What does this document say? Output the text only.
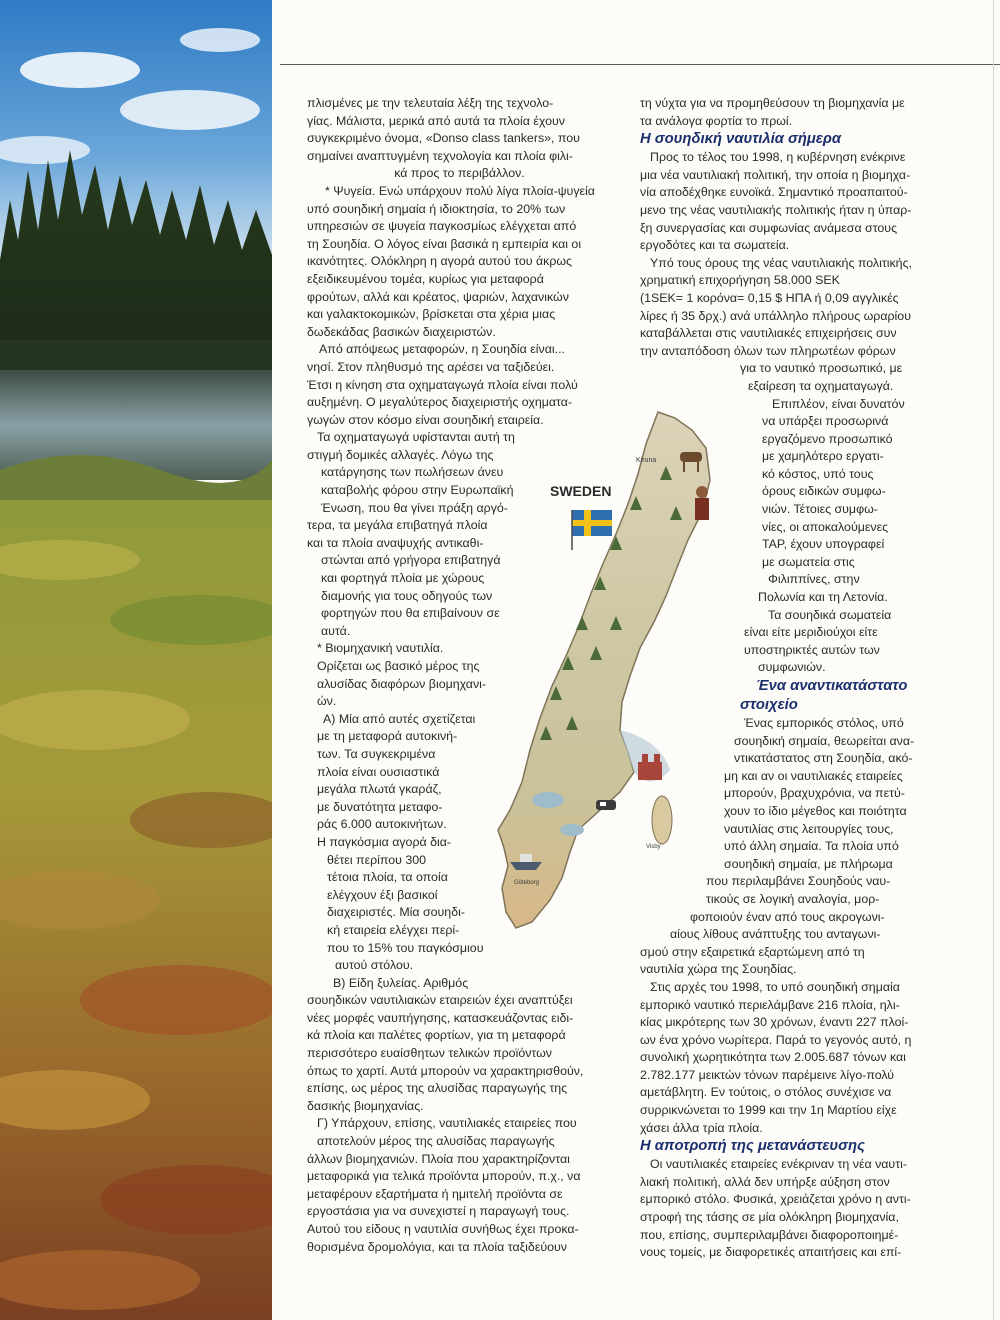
πλισμένες με την τελευταία λέξη της τεχνολο-

γίας. Μάλιστα, μερικά από αυτά τα πλοία έχουν

συγκεκριμένο όνομα, «Donso class tankers», που

σημαίνει αναπτυγμένη τεχνολογία και πλοία φιλι-

κά προς το περιβάλλον.

* Ψυγεία. Ενώ υπάρχουν πολύ λίγα πλοία-ψυγεία

υπό σουηδική σημαία ή ιδιοκτησία, το 20% των

υπηρεσιών σε ψυγεία παγκοσμίως ελέγχεται από

τη Σουηδία. Ο λόγος είναι βασικά η εμπειρία και οι

ικανότητες. Ολόκληρη η αγορά αυτού του άκρως

εξειδικευμένου τομέα, κυρίως για μεταφορά

φρούτων, αλλά και κρέατος, ψαριών, λαχανικών

και γαλακτοκομικών, βρίσκεται στα χέρια μιας

δωδεκάδας βασικών διαχειριστών.

Από απόψεως μεταφορών, η Σουηδία είναι...

νησί. Στον πληθυσμό της αρέσει να ταξιδεύει.

Έτσι η κίνηση στα οχηματαγωγά πλοία είναι πολύ

αυξημένη. Ο μεγαλύτερος διαχειριστής οχηματα-

γωγών στον κόσμο είναι σουηδική εταιρεία.

Τα οχηματαγωγά υφίστανται αυτή τη

στιγμή δομικές αλλαγές. Λόγω της

κατάργησης των πωλήσεων άνευ

καταβολής φόρου στην Ευρωπαϊκή

Ένωση, που θα γίνει πράξη αργό-

τερα, τα μεγάλα επιβατηγά πλοία

και τα πλοία αναψυχής αντικαθι-

στώνται από γρήγορα επιβατηγά

και φορτηγά πλοία με χώρους

διαμονής για τους οδηγούς των

φορτηγών που θα επιβαίνουν σε

αυτά.

* Βιομηχανική ναυτιλία.

Ορίζεται ως βασικό μέρος της

αλυσίδας διαφόρων βιομηχανι-

ών.

Α) Μία από αυτές σχετίζεται

με τη μεταφορά αυτοκινή-

των. Τα συγκεκριμένα

πλοία είναι ουσιαστικά

μεγάλα πλωτά γκαράζ,

με δυνατότητα μεταφο-

ράς 6.000 αυτοκινήτων.

Η παγκόσμια αγορά δια-

θέτει περίπου 300

τέτοια πλοία, τα οποία

ελέγχουν έξι βασικοί

διαχειριστές. Μία σουηδι-

κή εταιρεία ελέγχει περί-

που το 15% του παγκόσμιου

αυτού στόλου.

Β) Είδη ξυλείας. Αριθμός

σουηδικών ναυτιλιακών εταιρειών έχει αναπτύξει

νέες μορφές ναυπήγησης, κατασκευάζοντας ειδι-

κά πλοία και παλέτες φορτίων, για τη μεταφορά

περισσότερο ευαίσθητων τελικών προϊόντων

όπως το χαρτί. Αυτά μπορούν να χαρακτηρισθούν,

επίσης, ως μέρος της αλυσίδας παραγωγής της

δασικής βιομηχανίας.

Γ) Υπάρχουν, επίσης, ναυτιλιακές εταιρείες που

αποτελούν μέρος της αλυσίδας παραγωγής

άλλων βιομηχανιών. Πλοία που χαρακτηρίζονται

μεταφορικά για τελικά προϊόντα μπορούν, π.χ., να

μεταφέρουν εξαρτήματα ή ημιτελή προϊόντα σε

εργοστάσια για να συνεχιστεί η παραγωγή τους.

Αυτού του είδους η ναυτιλία συνήθως έχει προκα-

θορισμένα δρομολόγια, και τα πλοία ταξιδεύουν

τη νύχτα για να προμηθεύσουν τη βιομηχανία με

τα ανάλογα φορτία το πρωί.

Η σουηδική ναυτιλία σήμερα

Προς το τέλος του 1998, η κυβέρνηση ενέκρινε

μια νέα ναυτιλιακή πολιτική, την οποία η βιομηχα-

νία αποδέχθηκε ευνοϊκά. Σημαντικό προαπαιτού-

μενο της νέας ναυτιλιακής πολιτικής ήταν η ύπαρ-

ξη συνεργασίας και συμφωνίας ανάμεσα στους

εργοδότες και τα σωματεία.

Υπό τους όρους της νέας ναυτιλιακής πολιτικής,

χρηματική επιχορήγηση 58.000 SEK

(1SEK= 1 κορόνα= 0,15 $ ΗΠΑ ή 0,09 αγγλικές

λίρες ή 35 δρχ.) ανά υπάλληλο πλήρους ωραρίου

καταβάλλεται στις ναυτιλιακές επιχειρήσεις συν

την ανταπόδοση όλων των πληρωτέων φόρων

για το ναυτικό προσωπικό, με

εξαίρεση τα οχηματαγωγά.

Επιπλέον, είναι δυνατόν

να υπάρξει προσωρινά

εργαζόμενο προσωπικό

με χαμηλότερο εργατι-

κό κόστος, υπό τους

όρους ειδικών συμφω-

νιών. Τέτοιες συμφω-

νίες, οι αποκαλούμενες

TAP, έχουν υπογραφεί

με σωματεία στις

Φιλιππίνες, στην

Πολωνία και τη Λετονία.

Τα σουηδικά σωματεία

είναι είτε μεριδιούχοι είτε

υποστηρικτές αυτών των

συμφωνιών.

Ένα αναντικατάστατο

στοιχείο

Ένας εμπορικός στόλος, υπό

σουηδική σημαία, θεωρείται ανα-

ντικατάστατος στη Σουηδία, ακό-

μη και αν οι ναυτιλιακές εταιρείες

μπορούν, βραχυχρόνια, να πετύ-

χουν το ίδιο μέγεθος και ποιότητα

ναυτιλίας στις λειτουργίες τους,

υπό άλλη σημαία. Τα πλοία υπό

σουηδική σημαία, με πλήρωμα

που περιλαμβάνει Σουηδούς ναυ-

τικούς σε λογική αναλογία, μορ-

φοποιούν έναν από τους ακρογωνι-

αίους λίθους ανάπτυξης του ανταγωνι-

σμού στην εξαιρετικά εξαρτώμενη από τη

ναυτιλία χώρα της Σουηδίας.

Στις αρχές του 1998, το υπό σουηδική σημαία

εμπορικό ναυτικό περιελάμβανε 216 πλοία, ηλι-

κίας μικρότερης των 30 χρόνων, έναντι 227 πλοί-

ων ένα χρόνο νωρίτερα. Παρά το γεγονός αυτό, η

συνολική χωρητικότητα των 2.005.687 τόνων και

2.782.177 μεικτών τόνων παρέμεινε λίγο-πολύ

αμετάβλητη. Εν τούτοις, ο στόλος συνέχισε να

συρρικνώνεται το 1999 και την 1η Μαρτίου είχε

χάσει άλλα τρία πλοία.

Η αποτροπή της μετανάστευσης

Οι ναυτιλιακές εταιρείες ενέκριναν τη νέα ναυτι-

λιακή πολιτική, αλλά δεν υπήρξε αύξηση στον

εμπορικό στόλο. Φυσικά, χρειάζεται χρόνο η αντι-

στροφή της τάσης σε μία ολόκληρη βιομηχανία,

που, επίσης, συμπεριλαμβάνει διαφοροποιημέ-

νους τομείς, με διαφορετικές απαιτήσεις και επί-

Kiruna
Göteborg
Visby
SWEDEN
